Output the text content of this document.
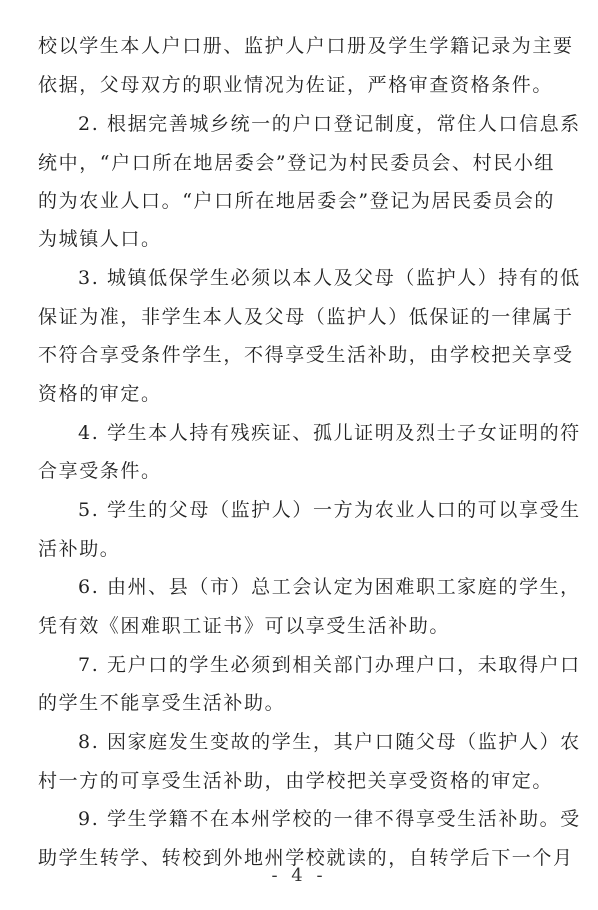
校以学生本人户口册、监护人户口册及学生学籍记录为主要
依据，父母双方的职业情况为佐证，严格审查资格条件。
2. 根据完善城乡统一的户口登记制度，常住人口信息系
统中，“户口所在地居委会”登记为村民委员会、村民小组
的为农业人口。“户口所在地居委会”登记为居民委员会的
为城镇人口。
3. 城镇低保学生必须以本人及父母（监护人）持有的低
保证为准，非学生本人及父母（监护人）低保证的一律属于
不符合享受条件学生，不得享受生活补助，由学校把关享受
资格的审定。
4. 学生本人持有残疾证、孤儿证明及烈士子女证明的符
合享受条件。
5. 学生的父母（监护人）一方为农业人口的可以享受生
活补助。
6. 由州、县（市）总工会认定为困难职工家庭的学生，
凭有效《困难职工证书》可以享受生活补助。
7. 无户口的学生必须到相关部门办理户口，未取得户口
的学生不能享受生活补助。
8. 因家庭发生变故的学生，其户口随父母（监护人）农
村一方的可享受生活补助，由学校把关享受资格的审定。
9. 学生学籍不在本州学校的一律不得享受生活补助。受
助学生转学、转校到外地州学校就读的，自转学后下一个月
- 4 -
